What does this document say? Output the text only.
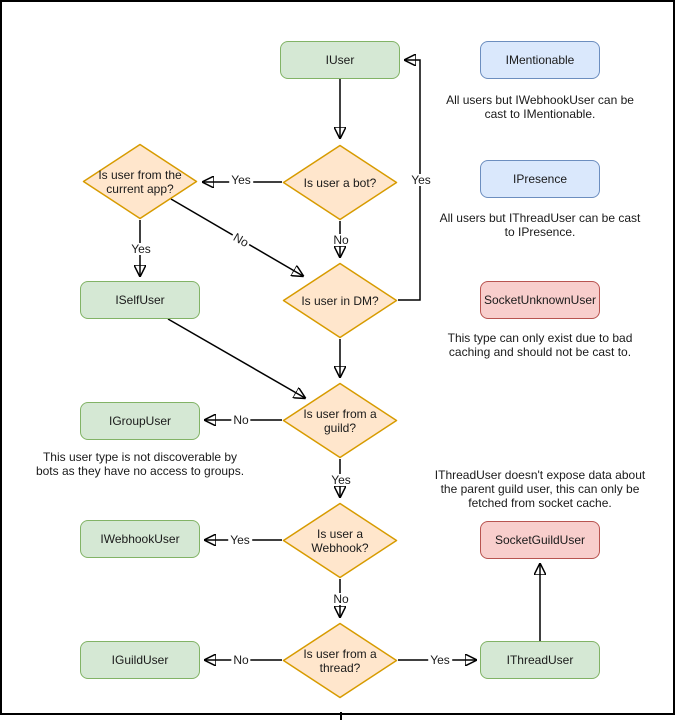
IUser	IMentionable
IPresence
ISelfUser	SocketUnknownUser
IGroupUser
IWebhookUser	SocketGuildUser
IGuildUser	IThreadUser
Is user a bot?
Is user from the current app?
Is user in DM?
Is user from a guild?
Is user a Webhook?
Is user from a thread?
Yes
No
Yes	No
Yes
No
Yes
Yes
No
No	Yes
All users but IWebhookUser can be cast to IMentionable.
All users but IThreadUser can be cast to IPresence.
This type can only exist due to bad caching and should not be cast to.
This user type is not discoverable by bots as they have no access to groups.	IThreadUser doesn't expose data about the parent guild user, this can only be fetched from socket cache.
